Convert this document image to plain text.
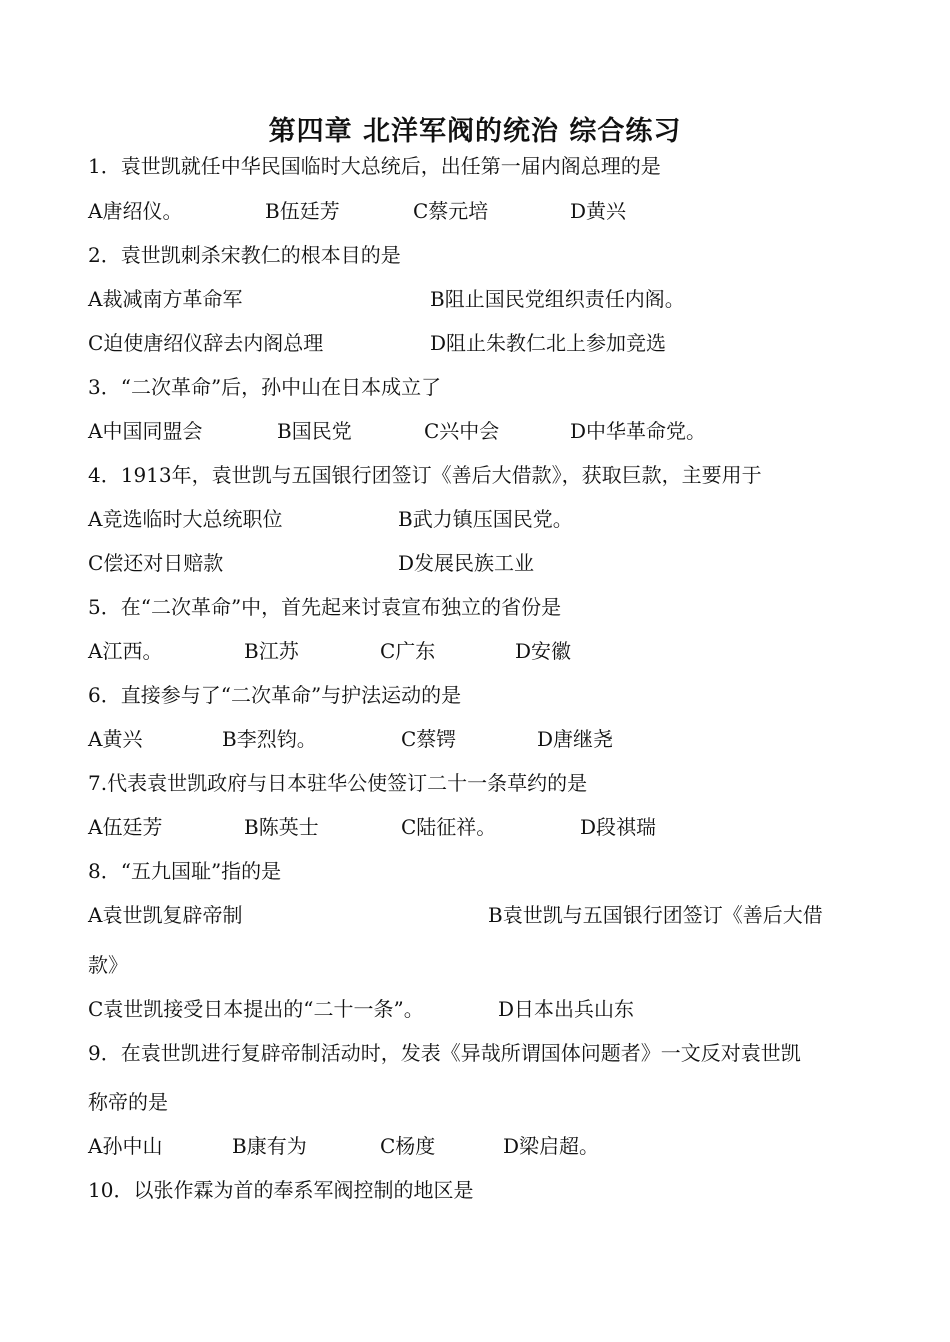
第四章 北洋军阀的统治 综合练习
1．袁世凯就任中华民国临时大总统后，出任第一届内阁总理的是
A唐绍仪。	B伍廷芳	C蔡元培	D黄兴
2．袁世凯刺杀宋教仁的根本目的是
A裁减南方革命军	B阻止国民党组织责任内阁。
C迫使唐绍仪辞去内阁总理	D阻止朱教仁北上参加竞选
3．“二次革命”后，孙中山在日本成立了
A中国同盟会	B国民党	C兴中会	D中华革命党。
4．1913年，袁世凯与五国银行团签订《善后大借款》，获取巨款，主要用于
A竞选临时大总统职位	B武力镇压国民党。
C偿还对日赔款	D发展民族工业
5．在“二次革命”中，首先起来讨袁宣布独立的省份是
A江西。	B江苏	C广东	D安徽
6．直接参与了“二次革命”与护法运动的是
A黄兴	B李烈钧。	C蔡锷	D唐继尧
7.代表袁世凯政府与日本驻华公使签订二十一条草约的是
A伍廷芳	B陈英士	C陆征祥。	D段祺瑞
8．“五九国耻”指的是
A袁世凯复辟帝制	B袁世凯与五国银行团签订《善后大借
款》
C袁世凯接受日本提出的“二十一条”。	D日本出兵山东
9．在袁世凯进行复辟帝制活动时，发表《异哉所谓国体问题者》一文反对袁世凯
称帝的是
A孙中山	B康有为	C杨度	D梁启超。
10．以张作霖为首的奉系军阀控制的地区是
